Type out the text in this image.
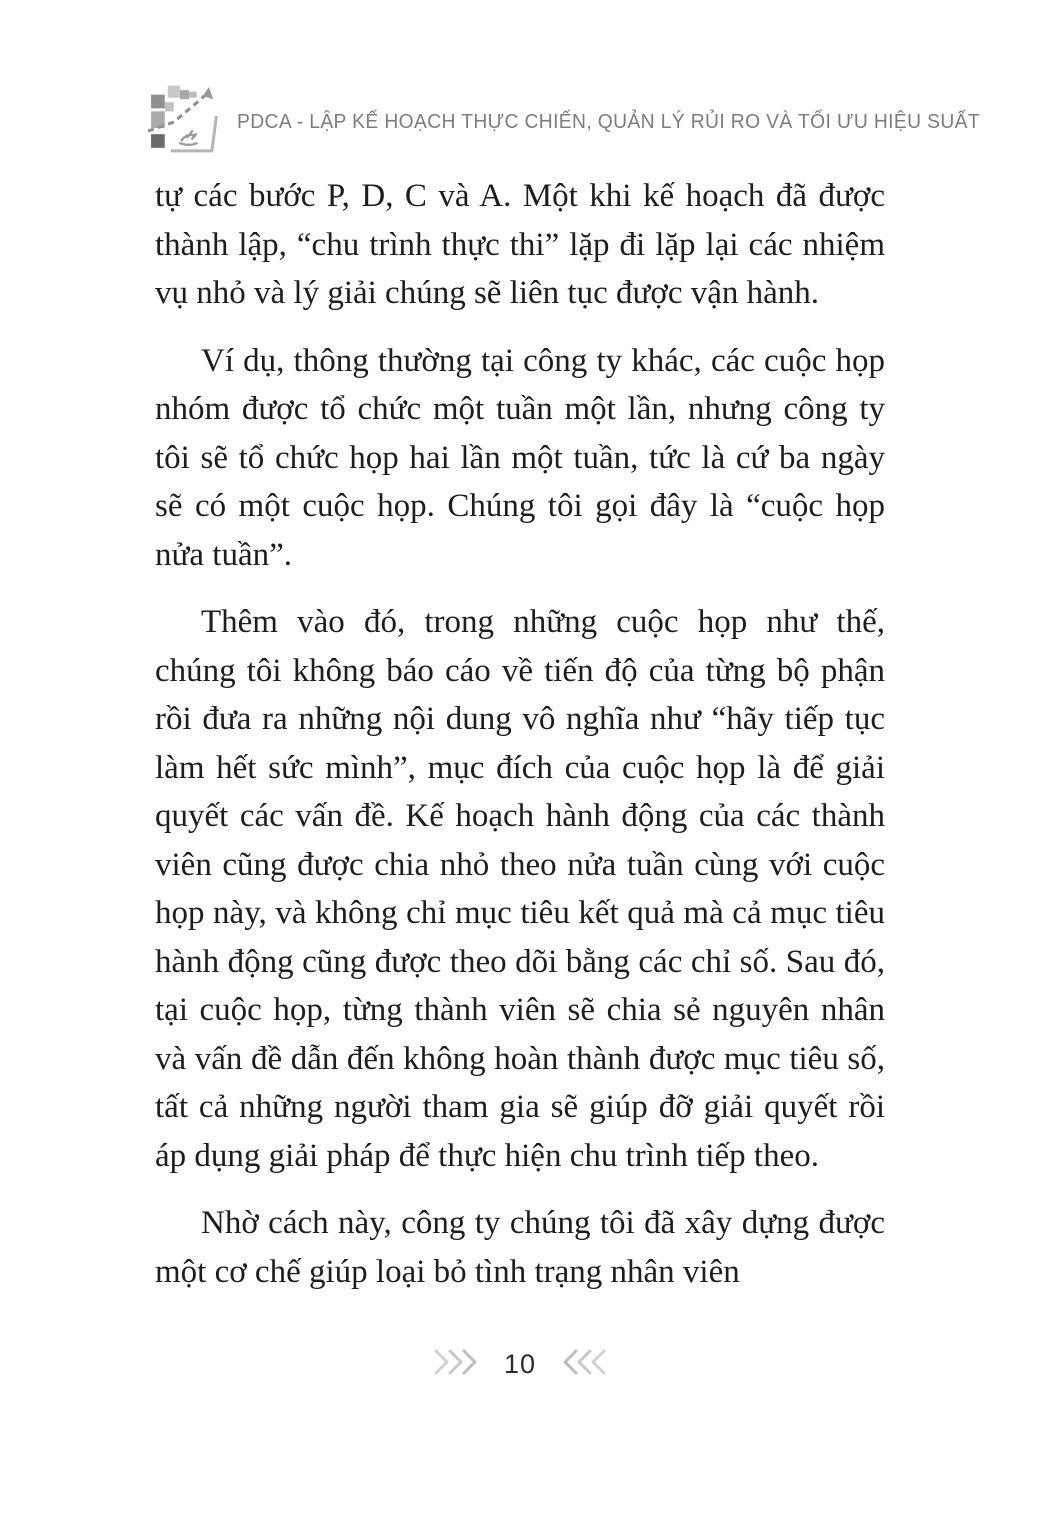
PDCA - LẬP KẾ HOẠCH THỰC CHIẾN, QUẢN LÝ RỦI RO VÀ TỐI ƯU HIỆU SUẤT

tự các bước P, D, C và A. Một khi kế hoạch đã được thành lập, “chu trình thực thi” lặp đi lặp lại các nhiệm vụ nhỏ và lý giải chúng sẽ liên tục được vận hành.

Ví dụ, thông thường tại công ty khác, các cuộc họp nhóm được tổ chức một tuần một lần, nhưng công ty tôi sẽ tổ chức họp hai lần một tuần, tức là cứ ba ngày sẽ có một cuộc họp. Chúng tôi gọi đây là “cuộc họp nửa tuần”.

Thêm vào đó, trong những cuộc họp như thế, chúng tôi không báo cáo về tiến độ của từng bộ phận rồi đưa ra những nội dung vô nghĩa như “hãy tiếp tục làm hết sức mình”, mục đích của cuộc họp là để giải quyết các vấn đề. Kế hoạch hành động của các thành viên cũng được chia nhỏ theo nửa tuần cùng với cuộc họp này, và không chỉ mục tiêu kết quả mà cả mục tiêu hành động cũng được theo dõi bằng các chỉ số. Sau đó, tại cuộc họp, từng thành viên sẽ chia sẻ nguyên nhân và vấn đề dẫn đến không hoàn thành được mục tiêu số, tất cả những người tham gia sẽ giúp đỡ giải quyết rồi áp dụng giải pháp để thực hiện chu trình tiếp theo.

Nhờ cách này, công ty chúng tôi đã xây dựng được một cơ chế giúp loại bỏ tình trạng nhân viên

10
